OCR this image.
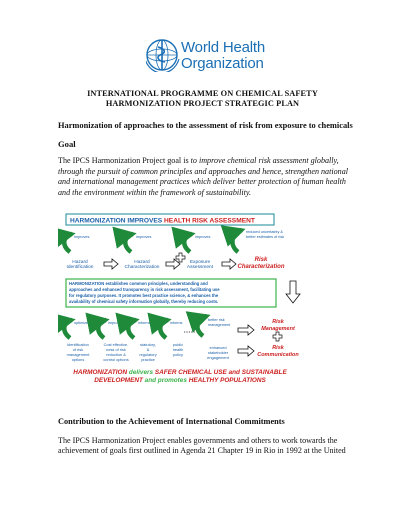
World Health
Organization
INTERNATIONAL PROGRAMME ON CHEMICAL SAFETY
HARMONIZATION PROJECT STRATEGIC PLAN
Harmonization of approaches to the assessment of risk from exposure to chemicals
Goal
The IPCS Harmonization Project goal is to improve chemical risk assessment globally, through the pursuit of common principles and approaches and hence, strengthen national and international management practices which deliver better protection of human health and the environment within the framework of sustainability.
HARMONIZATION IMPROVES HEALTH RISK ASSESSMENT
improves	improves	improves
reduced uncertainty &
better estimates of risk
Hazard
Identification
Hazard
Characterization
Exposure
Assessment
Risk
Characterization
HARMONIZATION establishes common principles, understanding and
approaches and enhanced transparency in risk assessment, facilitating use
for regulatory purposes. It promotes best practice science, & enhances the
availability of chemical safety information globally, thereby reducing costs.
optimizes	improves	informs	informs
better risk
management
identification
of risk
management
options
Cost effective-
ness of risk
reduction &
control options
statutory,
&
regulatory
practice
public
health
policy
enhanced
stakeholder
engagement
Risk
Management
Risk
Communication
HARMONIZATION delivers SAFER CHEMICAL USE and SUSTAINABLE
DEVELOPMENT and promotes HEALTHY POPULATIONS
Contribution to the Achievement of International Commitments
The IPCS Harmonization Project enables governments and others to work towards the achievement of goals first outlined in Agenda 21 Chapter 19 in Rio in 1992 at the United
